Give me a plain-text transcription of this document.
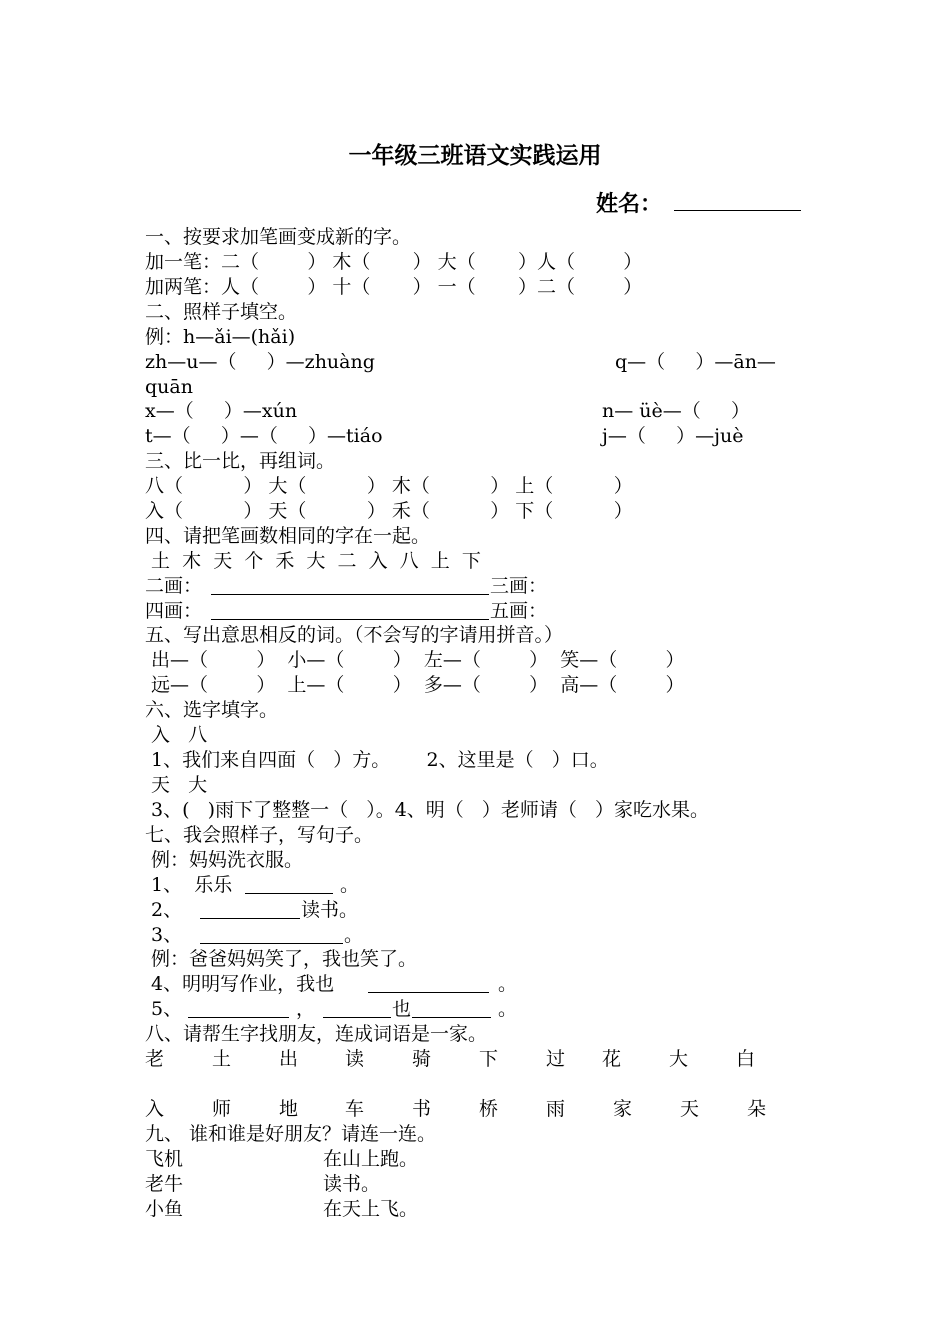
一年级三班语文实践运用
姓名：
一、按要求加笔画变成新的字。
加一笔：二（        ） 木（       ） 大（       ）人（        ）
加两笔：人（        ） 十（       ） 一（       ）二（        ）
二、照样子填空。
例：h—ǎi—(hǎi)
zh—u—（     ）—zhuàng	q—（     ）—ān—
quān
x—（     ）—xún	n— üè—（     ）
t—（     ）—（     ）—tiáo	j—（     ）—juè
三、比一比，再组词。
八（          ） 大（          ） 木（          ） 上（          ）
入（          ） 天（          ） 禾（          ） 下（          ）
四、请把笔画数相同的字在一起。
土  木  天  个  禾  大  二  入  八  上  下
二画：	三画：
四画：	五画：
五、写出意思相反的词。（不会写的字请用拼音。）
出—（        ）  小—（        ）  左—（        ）  笑—（        ）
远—（        ）  上—（        ）  多—（        ）  高—（        ）
六、选字填字。
入   八
1、我们来自四面（   ）方。      2、这里是（   ）口。
天   大
3、(   )雨下了整整一（   ）。4、明（   ）老师请（   ）家吃水果。
七、我会照样子，写句子。
例：妈妈洗衣服。
1、  乐乐	。
2、	读书。
3、	。
例：爸爸妈妈笑了，我也笑了。
4、明明写作业，我也	。
5、	，	也	。
八、请帮生字找朋友，连成词语是一家。
老	土	出 读	骑	下	过 花	大	白
入	师	地 车	书	桥	雨	家	天	朵
九、 谁和谁是好朋友？请连一连。
飞机	在山上跑。
老牛	读书。
小鱼	在天上飞。
